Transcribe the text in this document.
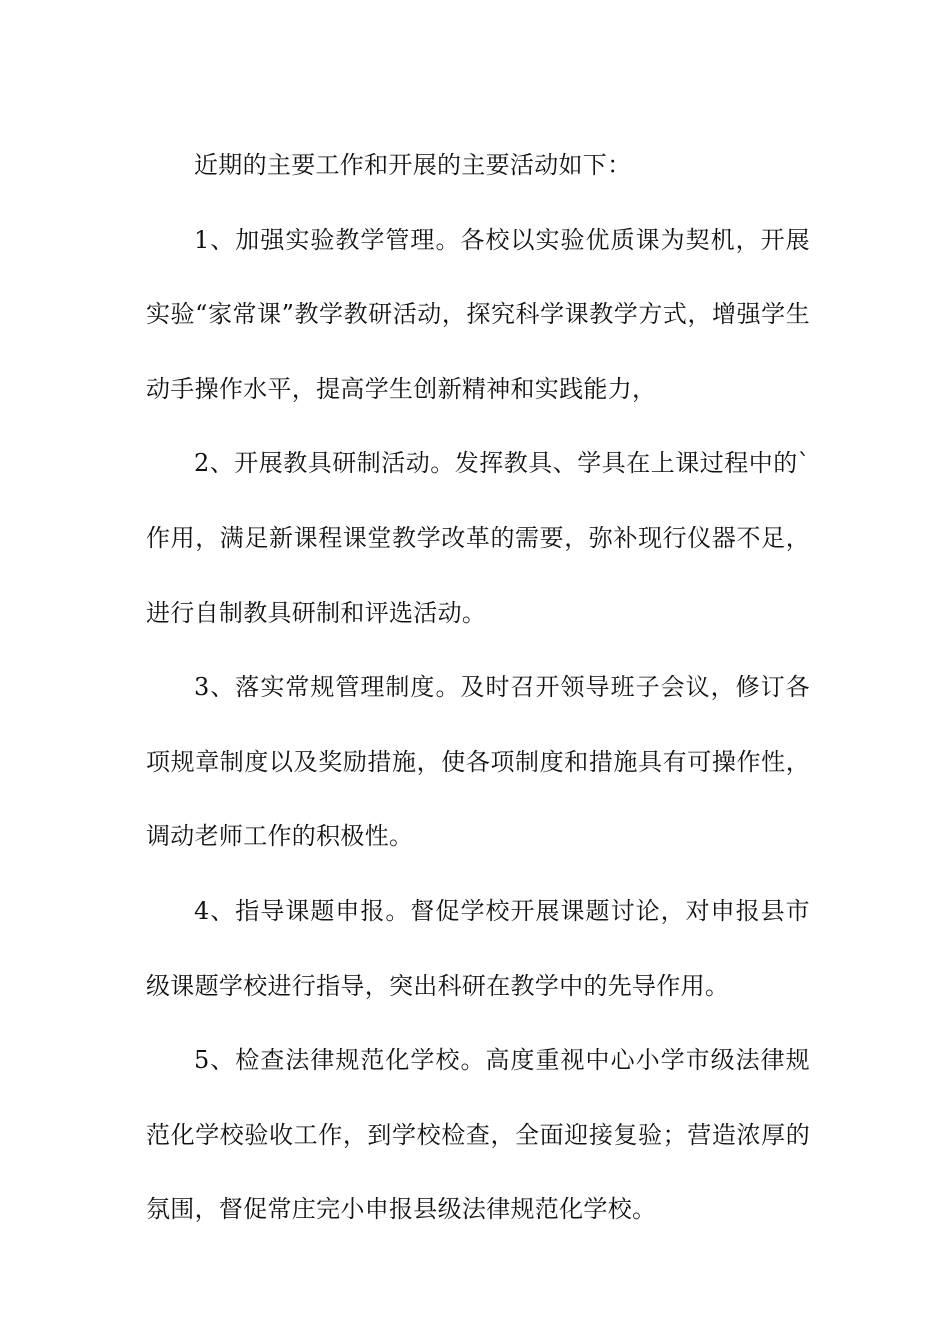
近期的主要工作和开展的主要活动如下：

1、加强实验教学管理。各校以实验优质课为契机，开展实验“家常课”教学教研活动，探究科学课教学方式，增强学生动手操作水平，提高学生创新精神和实践能力，

2、开展教具研制活动。发挥教具、学具在上课过程中的`作用，满足新课程课堂教学改革的需要，弥补现行仪器不足，进行自制教具研制和评选活动。

3、落实常规管理制度。及时召开领导班子会议，修订各项规章制度以及奖励措施，使各项制度和措施具有可操作性，调动老师工作的积极性。

4、指导课题申报。督促学校开展课题讨论，对申报县市级课题学校进行指导，突出科研在教学中的先导作用。

5、检查法律规范化学校。高度重视中心小学市级法律规范化学校验收工作，到学校检查，全面迎接复验；营造浓厚的氛围，督促常庄完小申报县级法律规范化学校。
